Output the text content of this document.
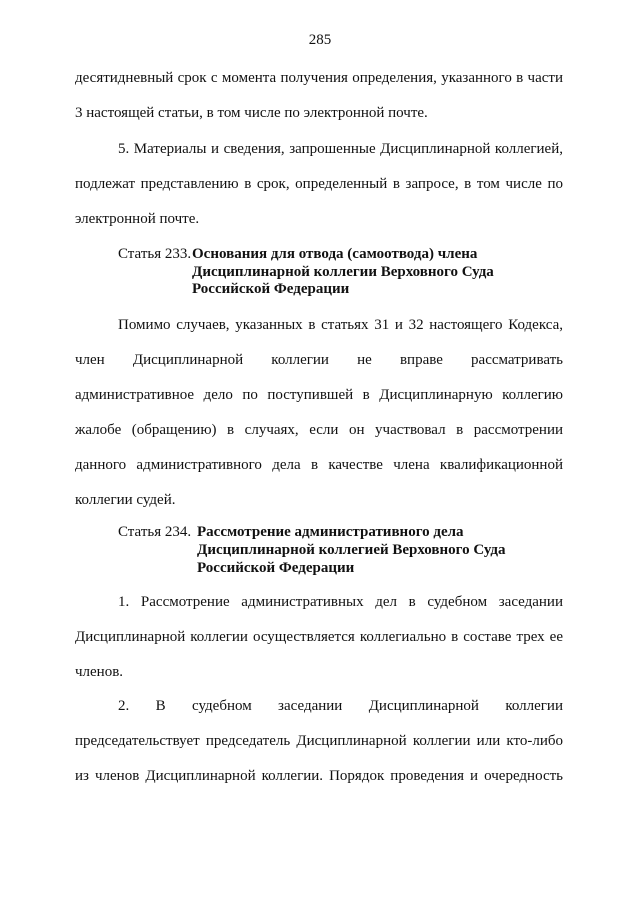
285
десятидневный срок с момента получения определения, указанного в части
3 настоящей статьи, в том числе по электронной почте.
5. Материалы и сведения, запрошенные Дисциплинарной коллегией,
подлежат представлению в срок, определенный в запросе, в том числе по
электронной почте.
Статья 233. Основания для отвода (самоотвода) члена
Дисциплинарной коллегии Верховного Суда
Российской Федерации
Помимо случаев, указанных в статьях 31 и 32 настоящего Кодекса,
член Дисциплинарной коллегии не вправе рассматривать
административное дело по поступившей в Дисциплинарную коллегию
жалобе (обращению) в случаях, если он участвовал в рассмотрении
данного административного дела в качестве члена квалификационной
коллегии судей.
Статья 234. Рассмотрение административного дела
Дисциплинарной коллегией Верховного Суда
Российской Федерации
1. Рассмотрение административных дел в судебном заседании
Дисциплинарной коллегии осуществляется коллегиально в составе трех ее
членов.
2. В судебном заседании Дисциплинарной коллегии
председательствует председатель Дисциплинарной коллегии или кто-либо
из членов Дисциплинарной коллегии. Порядок проведения и очередность
